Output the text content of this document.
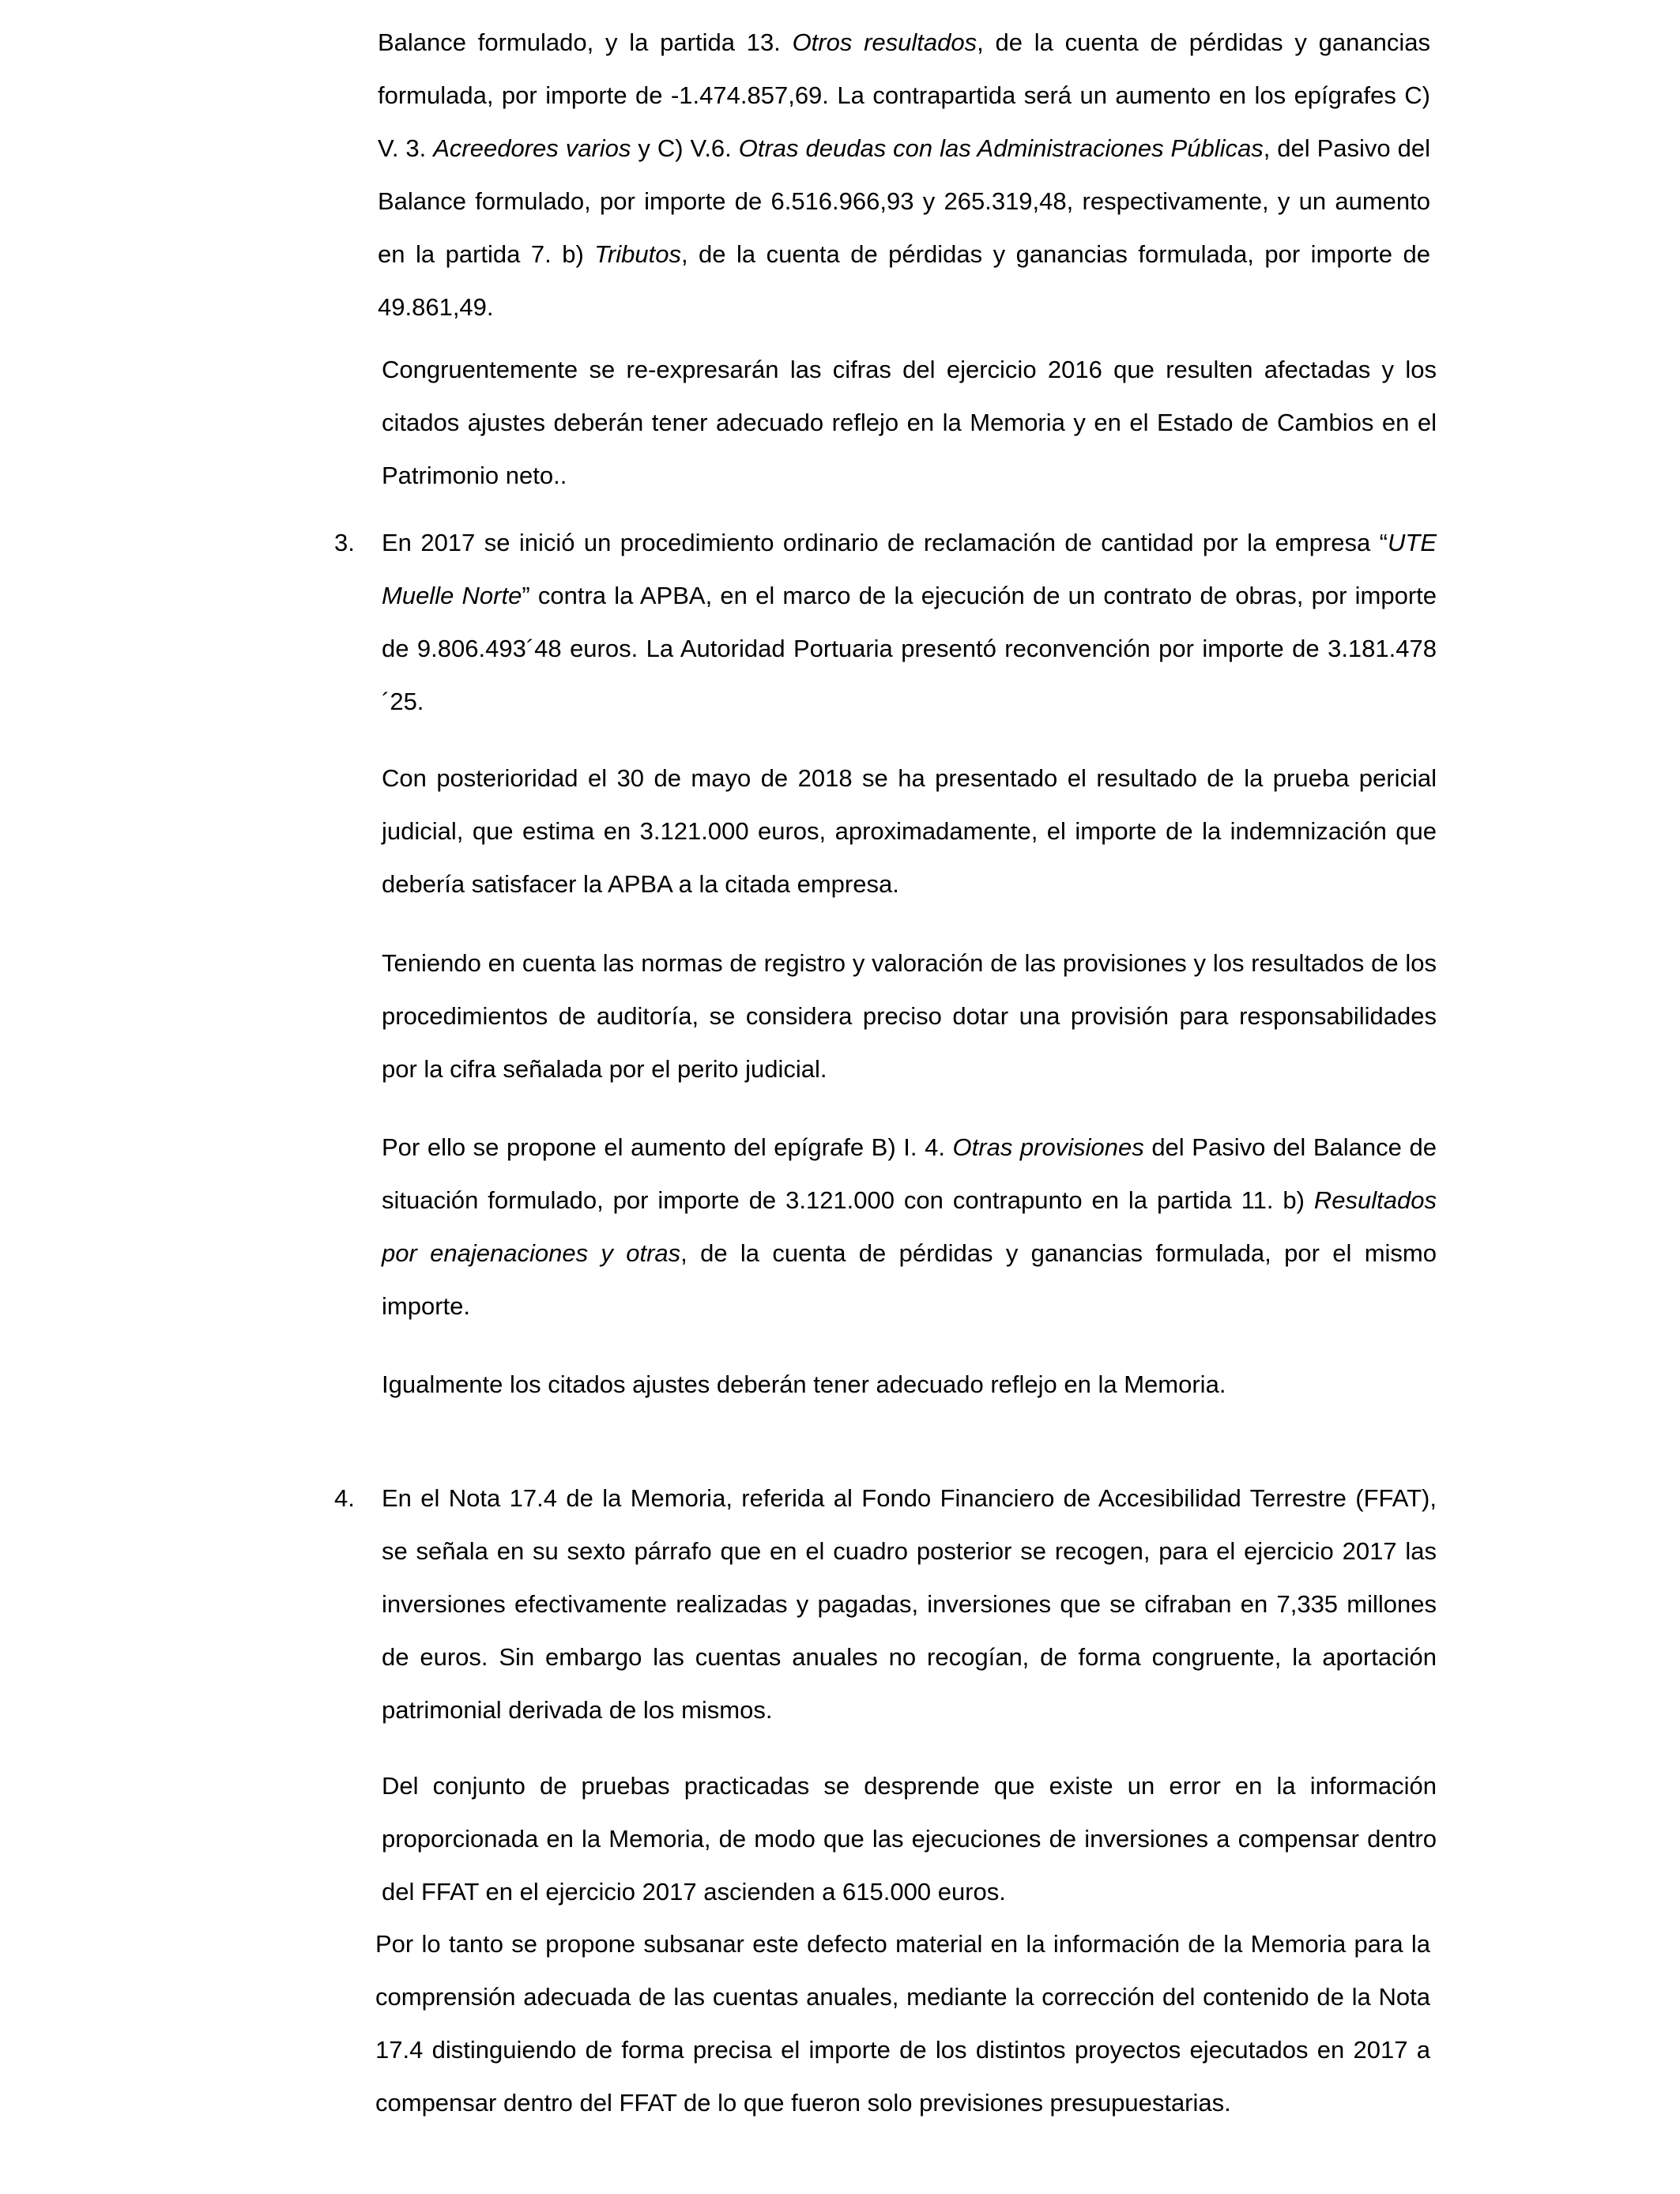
Balance formulado, y la partida 13. Otros resultados, de la cuenta de pérdidas y ganancias formulada, por importe de -1.474.857,69. La contrapartida será un aumento en los epígrafes C) V. 3. Acreedores varios y C) V.6. Otras deudas con las Administraciones Públicas, del Pasivo del Balance formulado, por importe de 6.516.966,93 y 265.319,48, respectivamente, y un aumento en la partida 7. b) Tributos, de la cuenta de pérdidas y ganancias formulada, por importe de 49.861,49.

Congruentemente se re-expresarán las cifras del ejercicio 2016 que resulten afectadas y los citados ajustes deberán tener adecuado reflejo en la Memoria y en el Estado de Cambios en el Patrimonio neto..

3. En 2017 se inició un procedimiento ordinario de reclamación de cantidad por la empresa “UTE Muelle Norte” contra la APBA, en el marco de la ejecución de un contrato de obras, por importe de 9.806.493´48 euros. La Autoridad Portuaria presentó reconvención por importe de 3.181.478´25.

Con posterioridad el 30 de mayo de 2018 se ha presentado el resultado de la prueba pericial judicial, que estima en 3.121.000 euros, aproximadamente, el importe de la indemnización que debería satisfacer la APBA a la citada empresa.

Teniendo en cuenta las normas de registro y valoración de las provisiones y los resultados de los procedimientos de auditoría, se considera preciso dotar una provisión para responsabilidades por la cifra señalada por el perito judicial.

Por ello se propone el aumento del epígrafe B) I. 4. Otras provisiones del Pasivo del Balance de situación formulado, por importe de 3.121.000 con contrapunto en la partida 11. b) Resultados por enajenaciones y otras, de la cuenta de pérdidas y ganancias formulada, por el mismo importe.

Igualmente los citados ajustes deberán tener adecuado reflejo en la Memoria.

4. En el Nota 17.4 de la Memoria, referida al Fondo Financiero de Accesibilidad Terrestre (FFAT), se señala en su sexto párrafo que en el cuadro posterior se recogen, para el ejercicio 2017 las inversiones efectivamente realizadas y pagadas, inversiones que se cifraban en 7,335 millones de euros. Sin embargo las cuentas anuales no recogían, de forma congruente, la aportación patrimonial derivada de los mismos.

Del conjunto de pruebas practicadas se desprende que existe un error en la información proporcionada en la Memoria, de modo que las ejecuciones de inversiones a compensar dentro del FFAT en el ejercicio 2017 ascienden a 615.000 euros.

Por lo tanto se propone subsanar este defecto material en la información de la Memoria para la comprensión adecuada de las cuentas anuales, mediante la corrección del contenido de la Nota 17.4 distinguiendo de forma precisa el importe de los distintos proyectos ejecutados en 2017 a compensar dentro del FFAT de lo que fueron solo previsiones presupuestarias.
